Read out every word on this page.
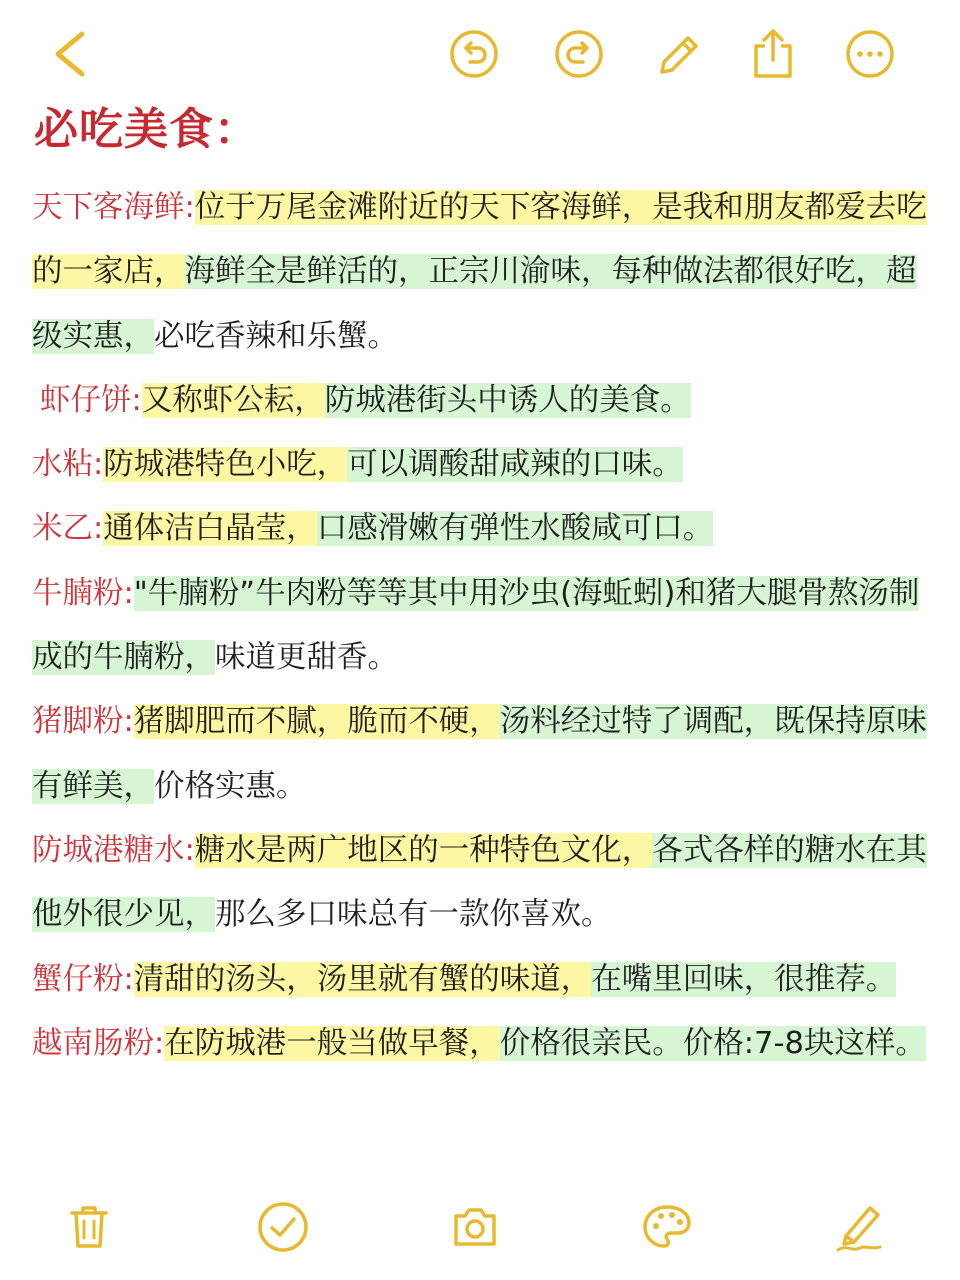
必吃美食：

天下客海鲜:位于万尾金滩附近的天下客海鲜，是我和朋友都爱去吃的一家店，海鲜全是鲜活的，正宗川渝味，每种做法都很好吃，超级实惠，必吃香辣和乐蟹。

虾仔饼:又称虾公耘，防城港街头中诱人的美食。

水粘:防城港特色小吃，可以调酸甜咸辣的口味。

米乙:通体洁白晶莹，口感滑嫩有弹性水酸咸可口。

牛腩粉:"牛腩粉”牛肉粉等等其中用沙虫(海蚯蚓)和猪大腿骨熬汤制成的牛腩粉，味道更甜香。

猪脚粉:猪脚肥而不腻，脆而不硬，汤料经过特了调配，既保持原味有鲜美，价格实惠。

防城港糖水:糖水是两广地区的一种特色文化，各式各样的糖水在其他外很少见，那么多口味总有一款你喜欢。

蟹仔粉:清甜的汤头，汤里就有蟹的味道，在嘴里回味，很推荐。

越南肠粉:在防城港一般当做早餐，价格很亲民。价格:7-8块这样。
